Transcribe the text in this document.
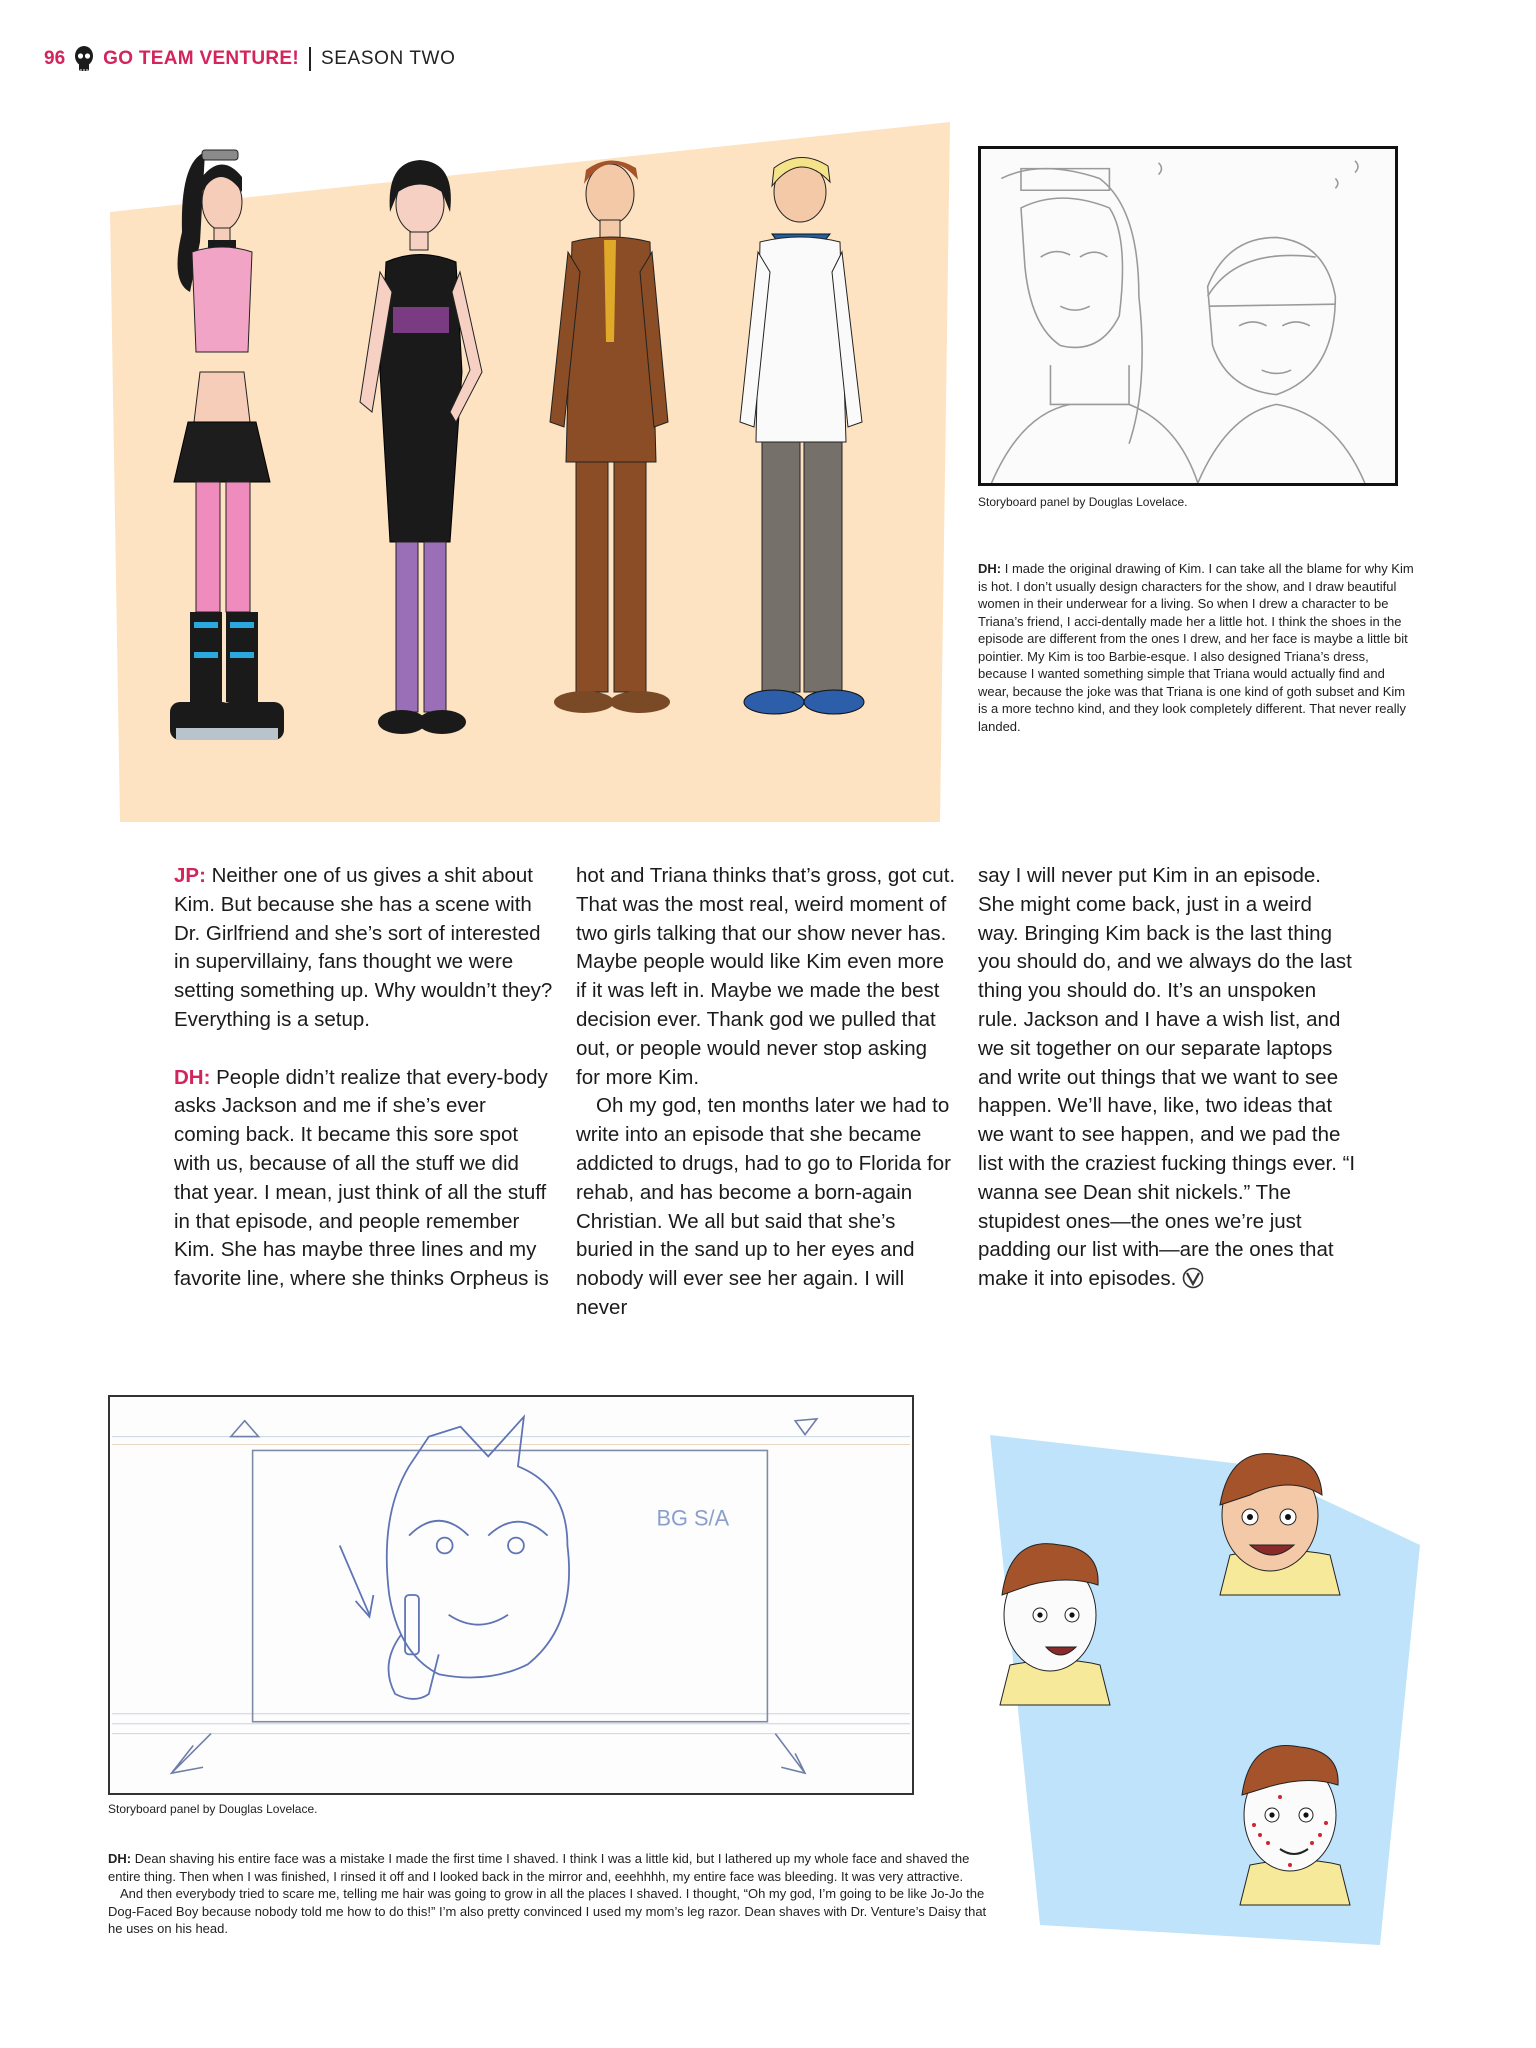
96 GO TEAM VENTURE! SEASON TWO
Storyboard panel by Douglas Lovelace.

DH: I made the original drawing of Kim. I can take all the blame for why Kim is hot. I don’t usually design characters for the show, and I draw beautiful women in their underwear for a living. So when I drew a character to be Triana’s friend, I acci-dentally made her a little hot. I think the shoes in the episode are different from the ones I drew, and her face is maybe a little bit pointier. My Kim is too Barbie-esque. I also designed Triana’s dress, because I wanted something simple that Triana would actually find and wear, because the joke was that Triana is one kind of goth subset and Kim is a more techno kind, and they look completely different. That never really landed.

JP: Neither one of us gives a shit about Kim. But because she has a scene with Dr. Girlfriend and she’s sort of interested in supervillainy, fans thought we were setting something up. Why wouldn’t they? Everything is a setup.

DH: People didn’t realize that every-body asks Jackson and me if she’s ever coming back. It became this sore spot with us, because of all the stuff we did that year. I mean, just think of all the stuff in that episode, and people remember Kim. She has maybe three lines and my favorite line, where she thinks Orpheus is

hot and Triana thinks that’s gross, got cut. That was the most real, weird moment of two girls talking that our show never has. Maybe people would like Kim even more if it was left in. Maybe we made the best decision ever. Thank god we pulled that out, or people would never stop asking for more Kim.

Oh my god, ten months later we had to write into an episode that she became addicted to drugs, had to go to Florida for rehab, and has become a born-again Christian. We all but said that she’s buried in the sand up to her eyes and nobody will ever see her again. I will never

say I will never put Kim in an episode. She might come back, just in a weird way. Bringing Kim back is the last thing you should do, and we always do the last thing you should do. It’s an unspoken rule. Jackson and I have a wish list, and we sit together on our separate laptops and write out things that we want to see happen. We’ll have, like, two ideas that we want to see happen, and we pad the list with the craziest fucking things ever. “I wanna see Dean shit nickels.” The stupidest ones—the ones we’re just padding our list with—are the ones that make it into episodes.

BG S/A
Storyboard panel by Douglas Lovelace.

DH: Dean shaving his entire face was a mistake I made the first time I shaved. I think I was a little kid, but I lathered up my whole face and shaved the entire thing. Then when I was finished, I rinsed it off and I looked back in the mirror and, eeehhhh, my entire face was bleeding. It was very attractive.

And then everybody tried to scare me, telling me hair was going to grow in all the places I shaved. I thought, “Oh my god, I’m going to be like Jo-Jo the Dog-Faced Boy because nobody told me how to do this!” I’m also pretty convinced I used my mom’s leg razor. Dean shaves with Dr. Venture’s Daisy that he uses on his head.
